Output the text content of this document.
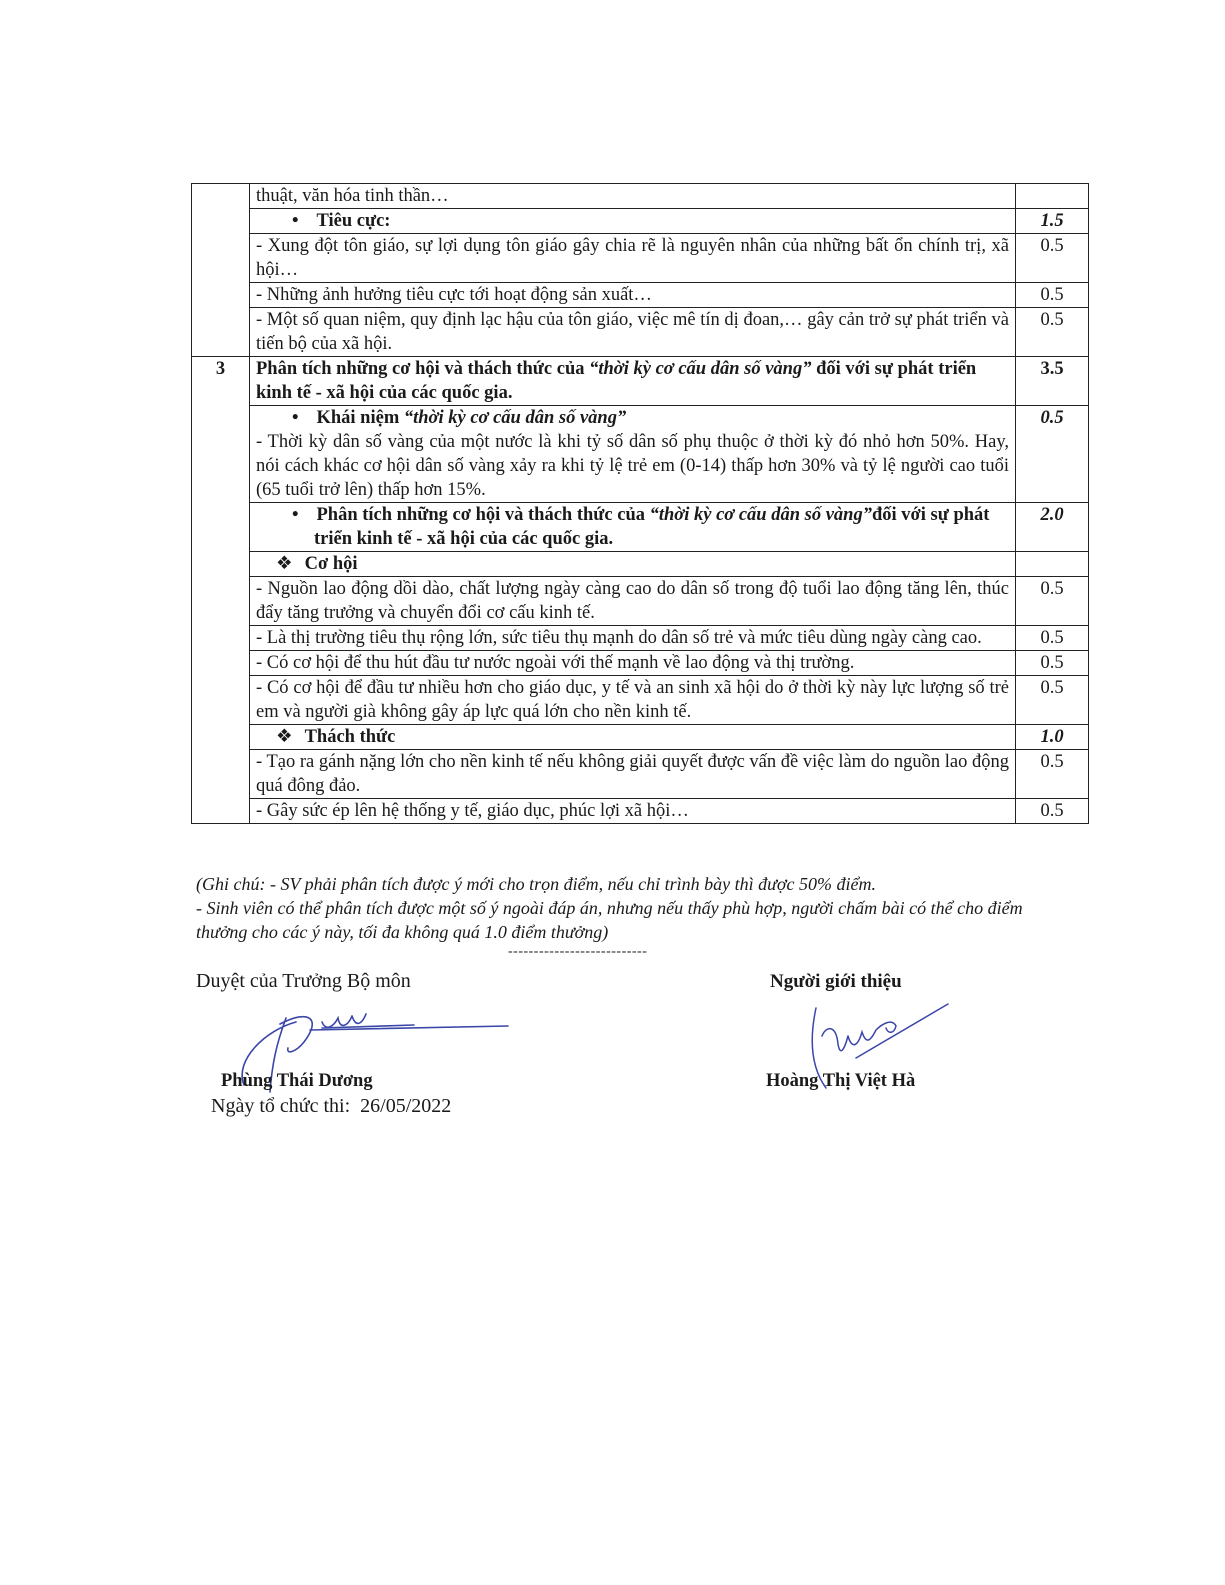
	thuật, văn hóa tinh thần…	
	• Tiêu cực:	1.5
	- Xung đột tôn giáo, sự lợi dụng tôn giáo gây chia rẽ là nguyên nhân của những bất ổn chính trị, xã hội…	0.5
	- Những ảnh hưởng tiêu cực tới hoạt động sản xuất…	0.5
	- Một số quan niệm, quy định lạc hậu của tôn giáo, việc mê tín dị đoan,… gây cản trở sự phát triển và tiến bộ của xã hội.	0.5
3	Phân tích những cơ hội và thách thức của “thời kỳ cơ cấu dân số vàng” đối với sự phát triển kinh tế - xã hội của các quốc gia.	3.5

	• Khái niệm “thời kỳ cơ cấu dân số vàng”
- Thời kỳ dân số vàng của một nước là khi tỷ số dân số phụ thuộc ở thời kỳ đó nhỏ hơn 50%. Hay, nói cách khác cơ hội dân số vàng xảy ra khi tỷ lệ trẻ em (0-14) thấp hơn 30% và tỷ lệ người cao tuổi (65 tuổi trở lên) thấp hơn 15%.	0.5

	• Phân tích những cơ hội và thách thức của “thời kỳ cơ cấu dân số vàng”đối với sự phát triển kinh tế - xã hội của các quốc gia.	2.0
	❖ Cơ hội	
	- Nguồn lao động dồi dào, chất lượng ngày càng cao do dân số trong độ tuổi lao động tăng lên, thúc đẩy tăng trưởng và chuyển đổi cơ cấu kinh tế.	0.5
	- Là thị trường tiêu thụ rộng lớn, sức tiêu thụ mạnh do dân số trẻ và mức tiêu dùng ngày càng cao.	0.5
	- Có cơ hội để thu hút đầu tư nước ngoài với thế mạnh về lao động và thị trường.	0.5
	- Có cơ hội để đầu tư nhiều hơn cho giáo dục, y tế và an sinh xã hội do ở thời kỳ này lực lượng số trẻ em và người già không gây áp lực quá lớn cho nền kinh tế.	0.5
	❖ Thách thức	1.0
	- Tạo ra gánh nặng lớn cho nền kinh tế nếu không giải quyết được vấn đề việc làm do nguồn lao động quá đông đảo.	0.5
	- Gây sức ép lên hệ thống y tế, giáo dục, phúc lợi xã hội…	0.5
(Ghi chú: - SV phải phân tích được ý mới cho trọn điểm, nếu chỉ trình bày thì được 50% điểm.
- Sinh viên có thể phân tích được một số ý ngoài đáp án, nhưng nếu thấy phù hợp, người chấm bài có thể cho điểm thưởng cho các ý này, tối đa không quá 1.0 điểm thưởng)
---------------------------
Duyệt của Trưởng Bộ môn	Người giới thiệu
Phùng Thái Dương	Hoàng Thị Việt Hà
Ngày tổ chức thi: 26/05/2022
